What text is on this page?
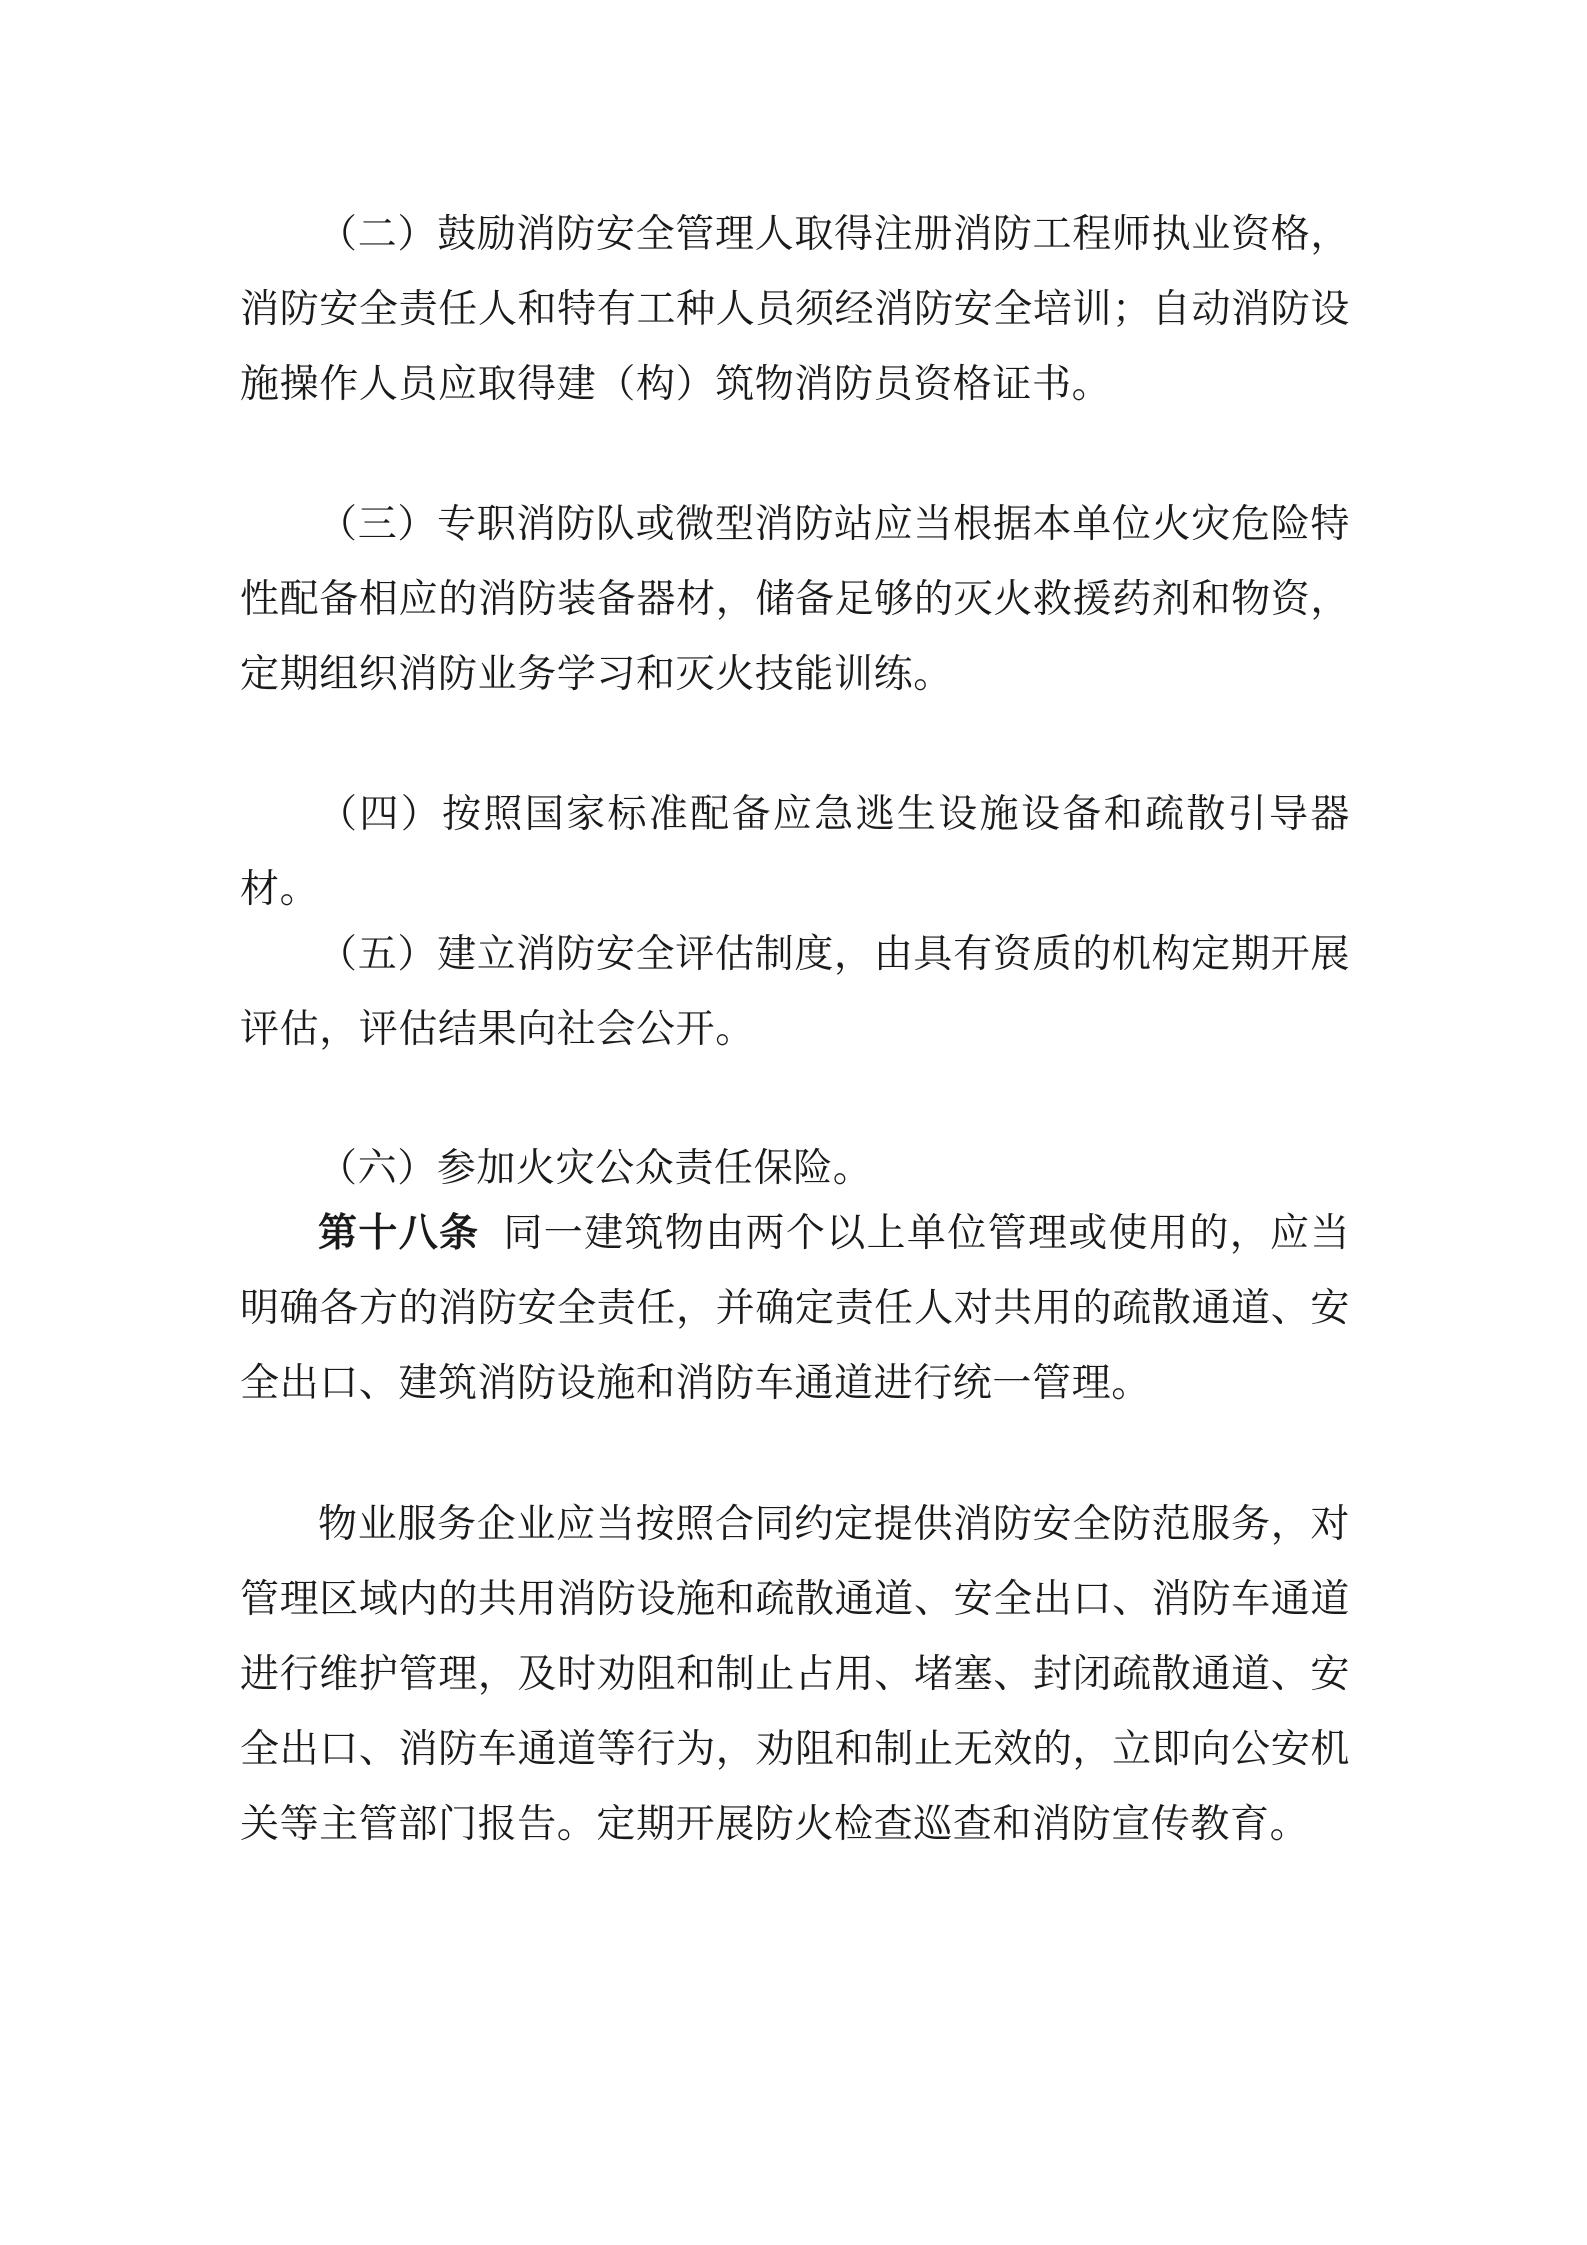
（二）鼓励消防安全管理人取得注册消防工程师执业资格，消防安全责任人和特有工种人员须经消防安全培训；自动消防设施操作人员应取得建（构）筑物消防员资格证书。

（三）专职消防队或微型消防站应当根据本单位火灾危险特性配备相应的消防装备器材，储备足够的灭火救援药剂和物资，定期组织消防业务学习和灭火技能训练。

（四）按照国家标准配备应急逃生设施设备和疏散引导器材。

（五）建立消防安全评估制度，由具有资质的机构定期开展评估，评估结果向社会公开。

（六）参加火灾公众责任保险。

第十八条 同一建筑物由两个以上单位管理或使用的，应当明确各方的消防安全责任，并确定责任人对共用的疏散通道、安全出口、建筑消防设施和消防车通道进行统一管理。

物业服务企业应当按照合同约定提供消防安全防范服务，对管理区域内的共用消防设施和疏散通道、安全出口、消防车通道进行维护管理，及时劝阻和制止占用、堵塞、封闭疏散通道、安全出口、消防车通道等行为，劝阻和制止无效的，立即向公安机关等主管部门报告。定期开展防火检查巡查和消防宣传教育。
